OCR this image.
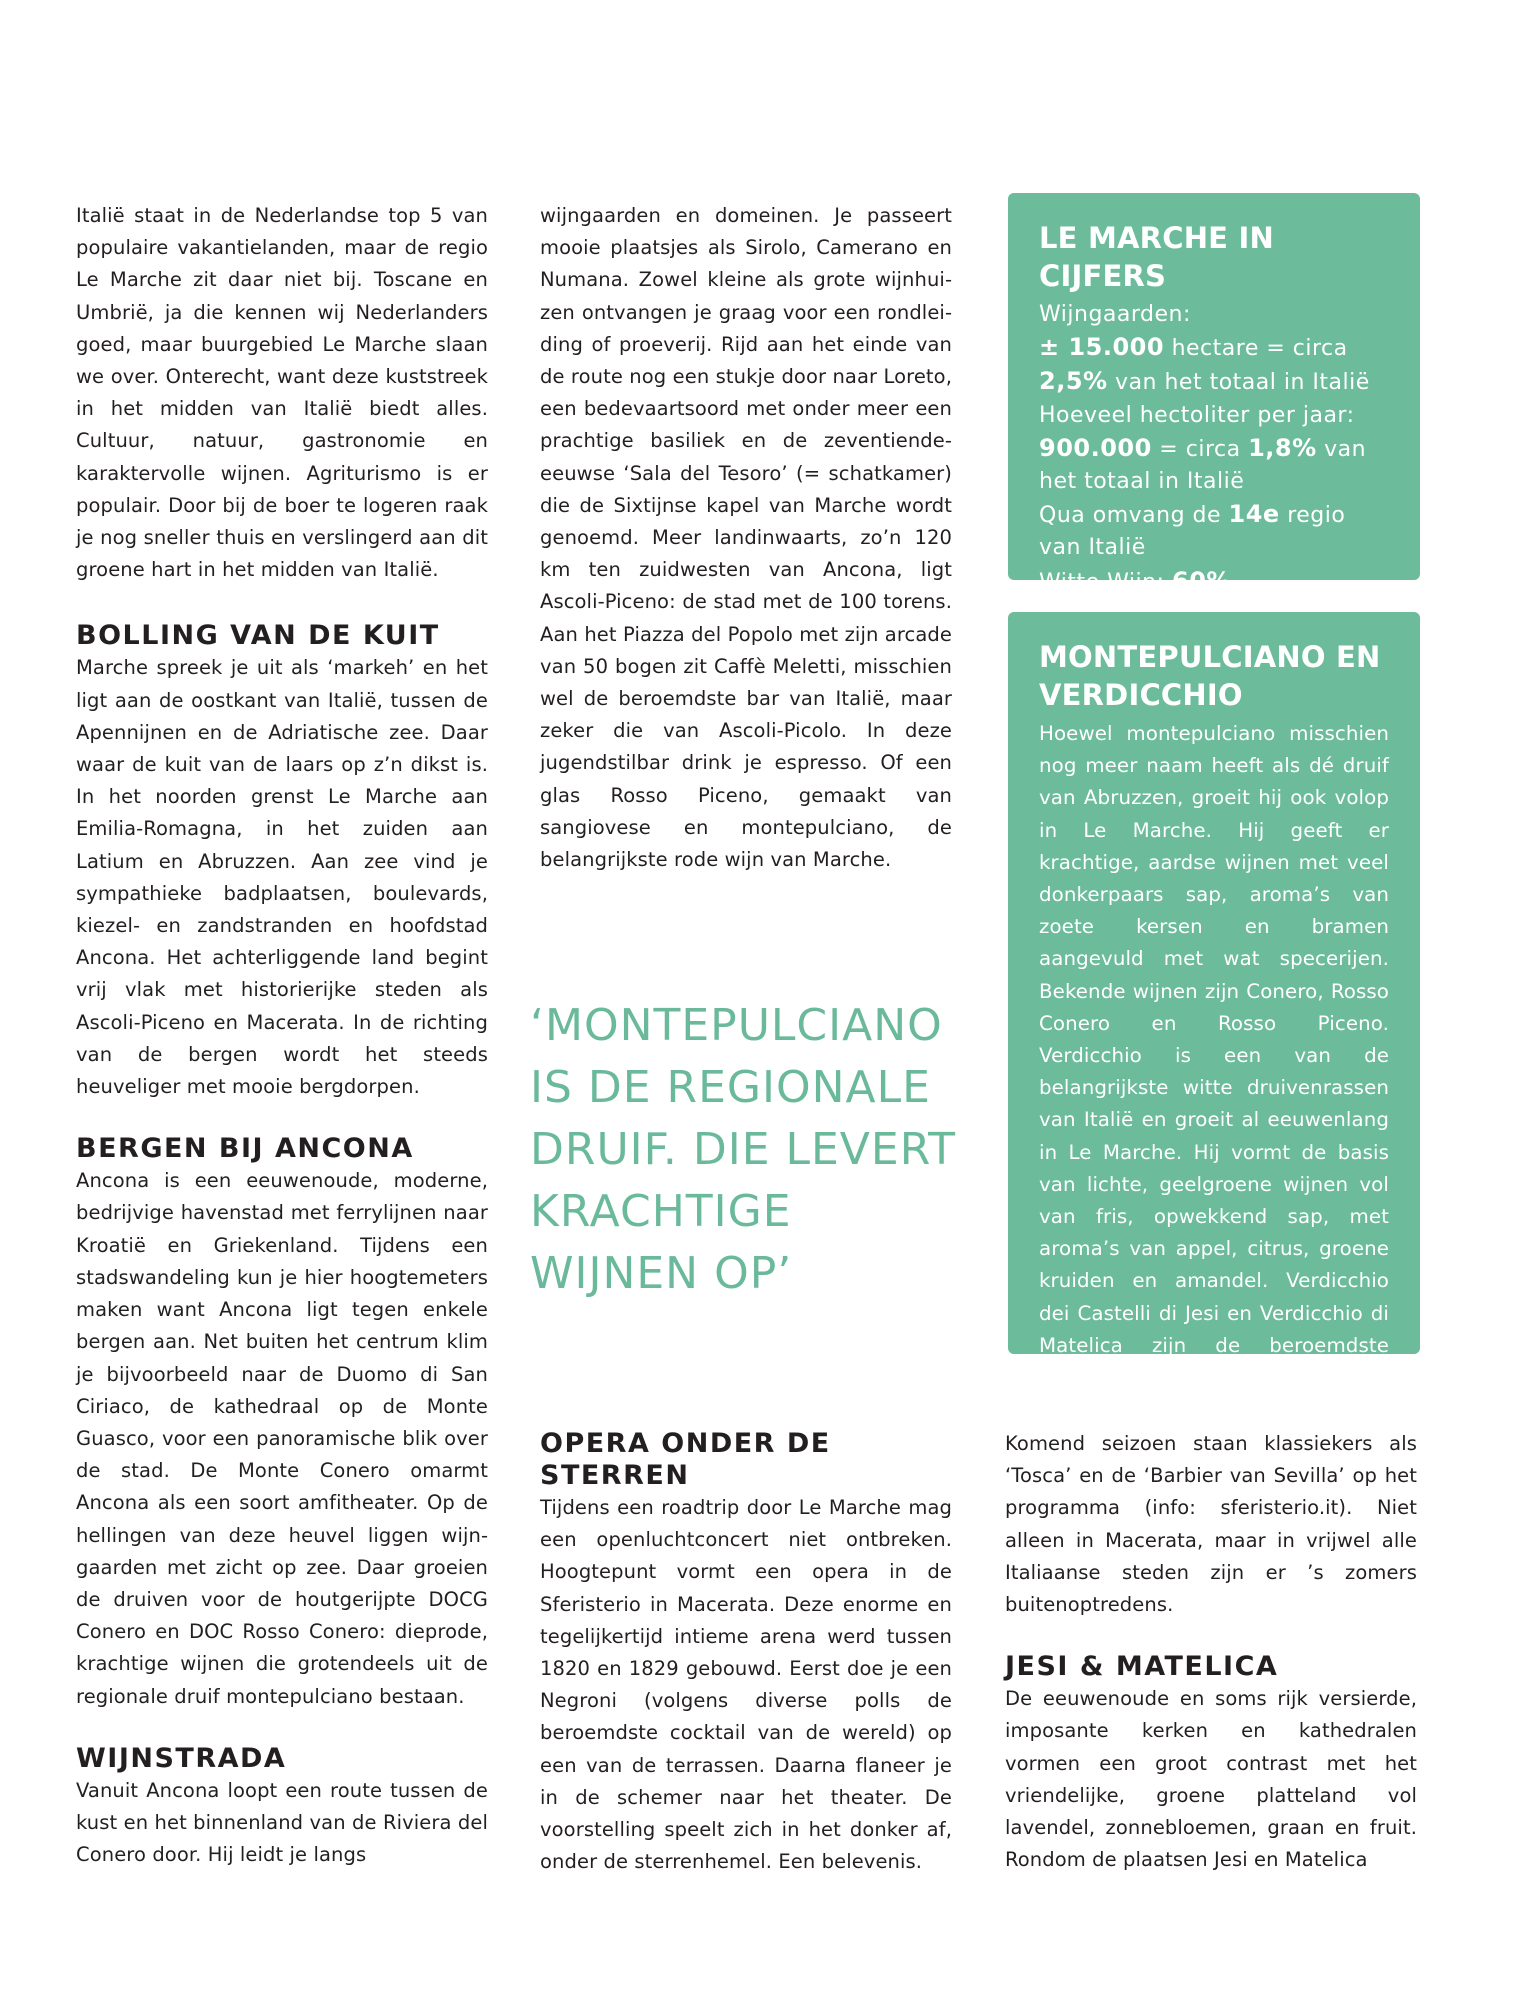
Italië staat in de Nederlandse top 5 van populaire vakantielanden, maar de regio Le Marche zit daar niet bij. Toscane en Umbrië, ja die kennen wij Nederlanders goed, maar buurgebied Le Marche slaan we over. Onterecht, want deze kuststreek in het midden van Italië biedt alles. Cultuur, natuur, gastronomie en karaktervolle wijnen. Agriturismo is er populair. Door bij de boer te logeren raak je nog sneller thuis en verslingerd aan dit groene hart in het midden van Italië.

BOLLING VAN DE KUIT

Marche spreek je uit als ‘markeh’ en het ligt aan de oostkant van Italië, tussen de Apennijnen en de Adriatische zee. Daar waar de kuit van de laars op z’n dikst is. In het noorden grenst Le Marche aan Emilia-Romagna, in het zuiden aan Latium en Abruzzen. Aan zee vind je sympathieke badplaatsen, boulevards, kiezel- en zandstranden en hoofdstad Ancona. Het achterliggende land begint vrij vlak met historierijke steden als Ascoli-Piceno en Macerata. In de richting van de bergen wordt het steeds heuveliger met mooie bergdorpen.

BERGEN BIJ ANCONA

Ancona is een eeuwenoude, moderne, bedrijvige havenstad met ferrylijnen naar Kroatië en Griekenland. Tijdens een stadswandeling kun je hier hoogtemeters maken want Ancona ligt tegen enkele bergen aan. Net buiten het centrum klim je bijvoorbeeld naar de Duomo di San Ciriaco, de kathedraal op de Monte Guasco, voor een panoramische blik over de stad. De Monte Conero omarmt Ancona als een soort amfitheater. Op de hellingen van deze heuvel liggen wijngaarden met zicht op zee. Daar groeien de druiven voor de houtgerijpte DOCG Conero en DOC Rosso Conero: dieprode, krachtige wijnen die grotendeels uit de regionale druif montepulciano bestaan.

WIJNSTRADA

Vanuit Ancona loopt een route tussen de kust en het binnenland van de Riviera del Conero door. Hij leidt je langs

wijngaarden en domeinen. Je passeert mooie plaatsjes als Sirolo, Camerano en Numana. Zowel kleine als grote wijnhuizen ontvangen je graag voor een rondleiding of proeverij. Rijd aan het einde van de route nog een stukje door naar Loreto, een bedevaartsoord met onder meer een prachtige basiliek en de zeventiende-eeuwse ‘Sala del Tesoro’ (= schatkamer) die de Sixtijnse kapel van Marche wordt genoemd. Meer landinwaarts, zo’n 120 km ten zuidwesten van Ancona, ligt Ascoli-Piceno: de stad met de 100 torens. Aan het Piazza del Popolo met zijn arcade van 50 bogen zit Caffè Meletti, misschien wel de beroemdste bar van Italië, maar zeker die van Ascoli-Picolo. In deze jugendstilbar drink je espresso. Of een glas Rosso Piceno, gemaakt van sangiovese en montepulciano, de belangrijkste rode wijn van Marche.

‘MONTEPULCIANO IS DE REGIONALE DRUIF. DIE LEVERT KRACHTIGE WIJNEN OP’
OPERA ONDER DE STERREN

Tijdens een roadtrip door Le Marche mag een openluchtconcert niet ontbreken. Hoogtepunt vormt een opera in de Sferisterio in Macerata. Deze enorme en tegelijkertijd intieme arena werd tussen 1820 en 1829 gebouwd. Eerst doe je een Negroni (volgens diverse polls de beroemdste cocktail van de wereld) op een van de terrassen. Daarna flaneer je in de schemer naar het theater. De voorstelling speelt zich in het donker af, onder de sterrenhemel. Een belevenis.

LE MARCHE IN CIJFERS
Wijngaarden:
± 15.000 hectare = circa
2,5% van het totaal in Italië
Hoeveel hectoliter per jaar:
900.000 = circa 1,8% van
het totaal in Italië
Qua omvang de 14e regio
van Italië
Witte Wijn: 60%
MONTEPULCIANO EN VERDICCHIO

Hoewel montepulciano misschien nog meer naam heeft als dé druif van Abruzzen, groeit hij ook volop in Le Marche. Hij geeft er krachtige, aardse wijnen met veel donkerpaars sap, aroma’s van zoete kersen en bramen aangevuld met wat specerijen. Bekende wijnen zijn Conero, Rosso Conero en Rosso Piceno. Verdicchio is een van de belangrijkste witte druivenrassen van Italië en groeit al eeuwenlang in Le Marche. Hij vormt de basis van lichte, geelgroene wijnen vol van fris, opwekkend sap, met aroma’s van appel, citrus, groene kruiden en amandel. Verdicchio dei Castelli di Jesi en Verdicchio di Matelica zijn de beroemdste namen.

Komend seizoen staan klassiekers als ‘Tosca’ en de ‘Barbier van Sevilla’ op het programma (info: sferisterio.it). Niet alleen in Macerata, maar in vrijwel alle Italiaanse steden zijn er ’s zomers buitenoptredens.

JESI & MATELICA

De eeuwenoude en soms rijk versierde, imposante kerken en kathedralen vormen een groot contrast met het vriendelijke, groene platteland vol lavendel, zonnebloemen, graan en fruit. Rondom de plaatsen Jesi en Matelica
